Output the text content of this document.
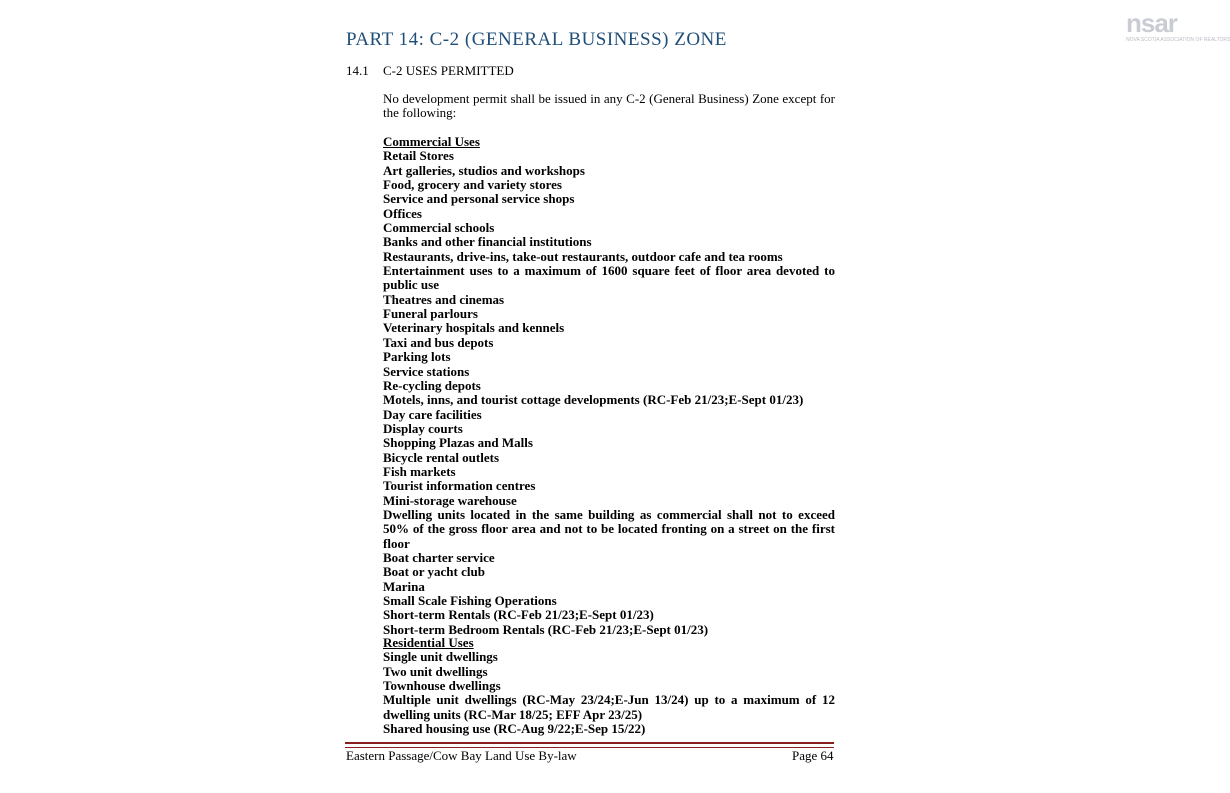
nsar
NOVA SCOTIA ASSOCIATION OF REALTORS
PART 14: C-2 (GENERAL BUSINESS) ZONE
14.1 C-2 USES PERMITTED
No development permit shall be issued in any C-2 (General Business) Zone except for the following:
Commercial Uses
Retail Stores
Art galleries, studios and workshops
Food, grocery and variety stores
Service and personal service shops
Offices
Commercial schools
Banks and other financial institutions
Restaurants, drive-ins, take-out restaurants, outdoor cafe and tea rooms
Entertainment uses to a maximum of 1600 square feet of floor area devoted to public use
Theatres and cinemas
Funeral parlours
Veterinary hospitals and kennels
Taxi and bus depots
Parking lots
Service stations
Re-cycling depots
Motels, inns, and tourist cottage developments (RC-Feb 21/23;E-Sept 01/23)
Day care facilities
Display courts
Shopping Plazas and Malls
Bicycle rental outlets
Fish markets
Tourist information centres
Mini-storage warehouse
Dwelling units located in the same building as commercial shall not to exceed 50% of the gross floor area and not to be located fronting on a street on the first floor
Boat charter service
Boat or yacht club
Marina
Small Scale Fishing Operations
Short-term Rentals (RC-Feb 21/23;E-Sept 01/23)
Short-term Bedroom Rentals (RC-Feb 21/23;E-Sept 01/23)
Residential Uses
Single unit dwellings
Two unit dwellings
Townhouse dwellings
Multiple unit dwellings (RC-May 23/24;E-Jun 13/24) up to a maximum of 12 dwelling units (RC-Mar 18/25; EFF Apr 23/25)
Shared housing use (RC-Aug 9/22;E-Sep 15/22)
Eastern Passage/Cow Bay Land Use By-law	Page 64
